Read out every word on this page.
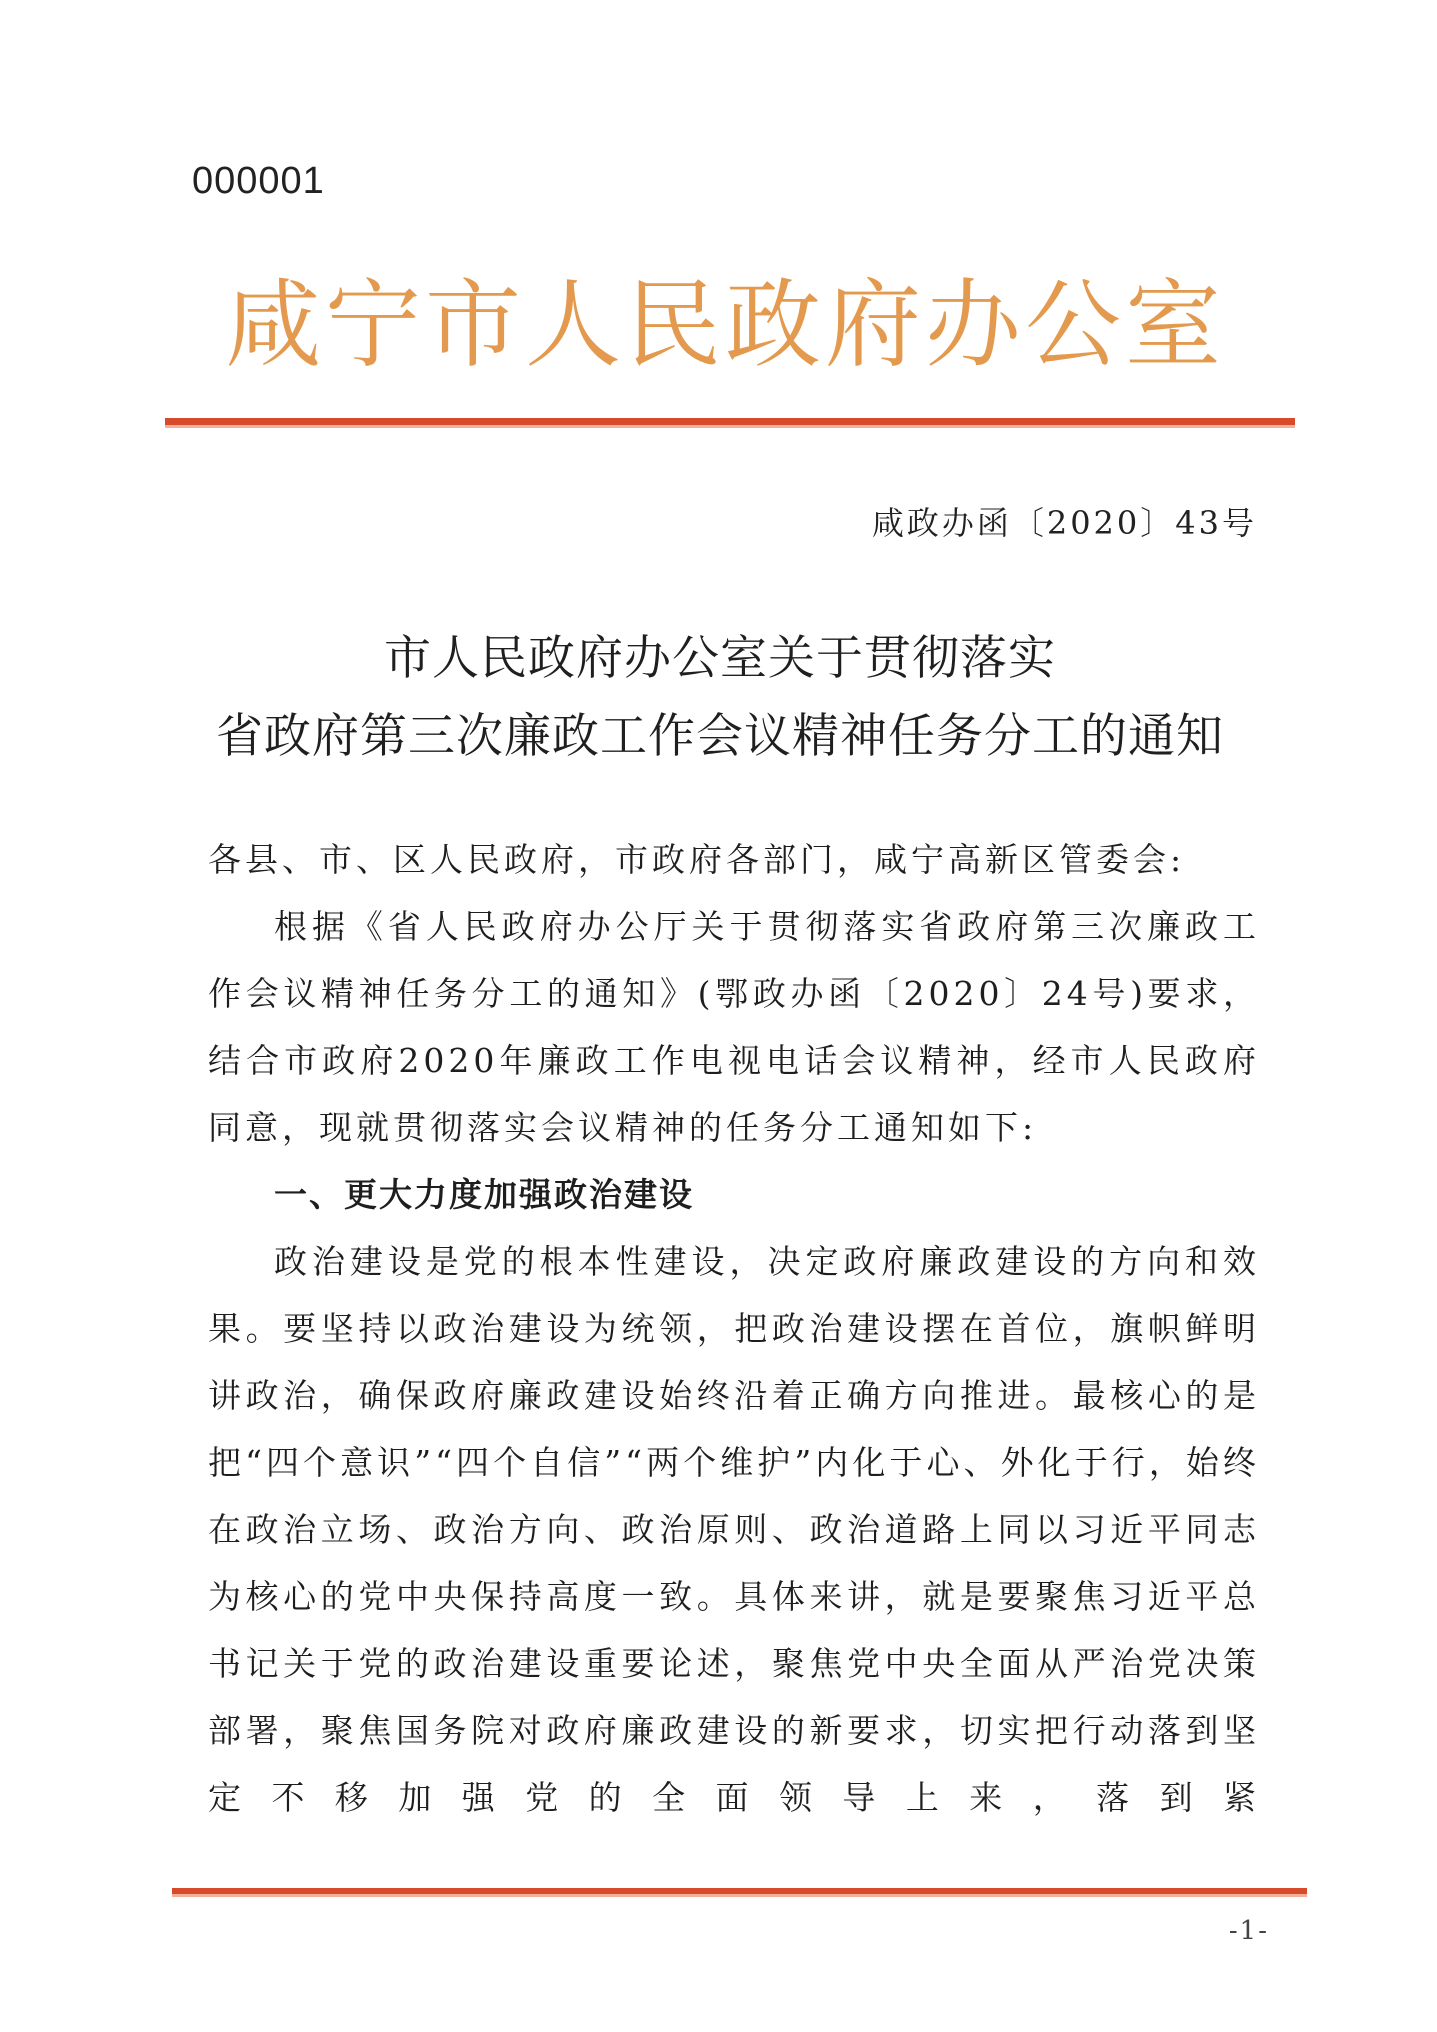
000001
咸宁市人民政府办公室
咸政办函〔2020〕43号
市人民政府办公室关于贯彻落实
省政府第三次廉政工作会议精神任务分工的通知

各县、市、区人民政府，市政府各部门，咸宁高新区管委会:

根据《省人民政府办公厅关于贯彻落实省政府第三次廉政工作会议精神任务分工的通知》(鄂政办函〔2020〕24号)要求，结合市政府2020年廉政工作电视电话会议精神，经市人民政府同意，现就贯彻落实会议精神的任务分工通知如下:

一、更大力度加强政治建设

政治建设是党的根本性建设，决定政府廉政建设的方向和效果。要坚持以政治建设为统领，把政治建设摆在首位，旗帜鲜明讲政治，确保政府廉政建设始终沿着正确方向推进。最核心的是把“四个意识”“四个自信”“两个维护”内化于心、外化于行，始终在政治立场、政治方向、政治原则、政治道路上同以习近平同志为核心的党中央保持高度一致。具体来讲，就是要聚焦习近平总书记关于党的政治建设重要论述，聚焦党中央全面从严治党决策部署，聚焦国务院对政府廉政建设的新要求，切实把行动落到坚定不移加强党的全面领导上来，落到紧

-1-
